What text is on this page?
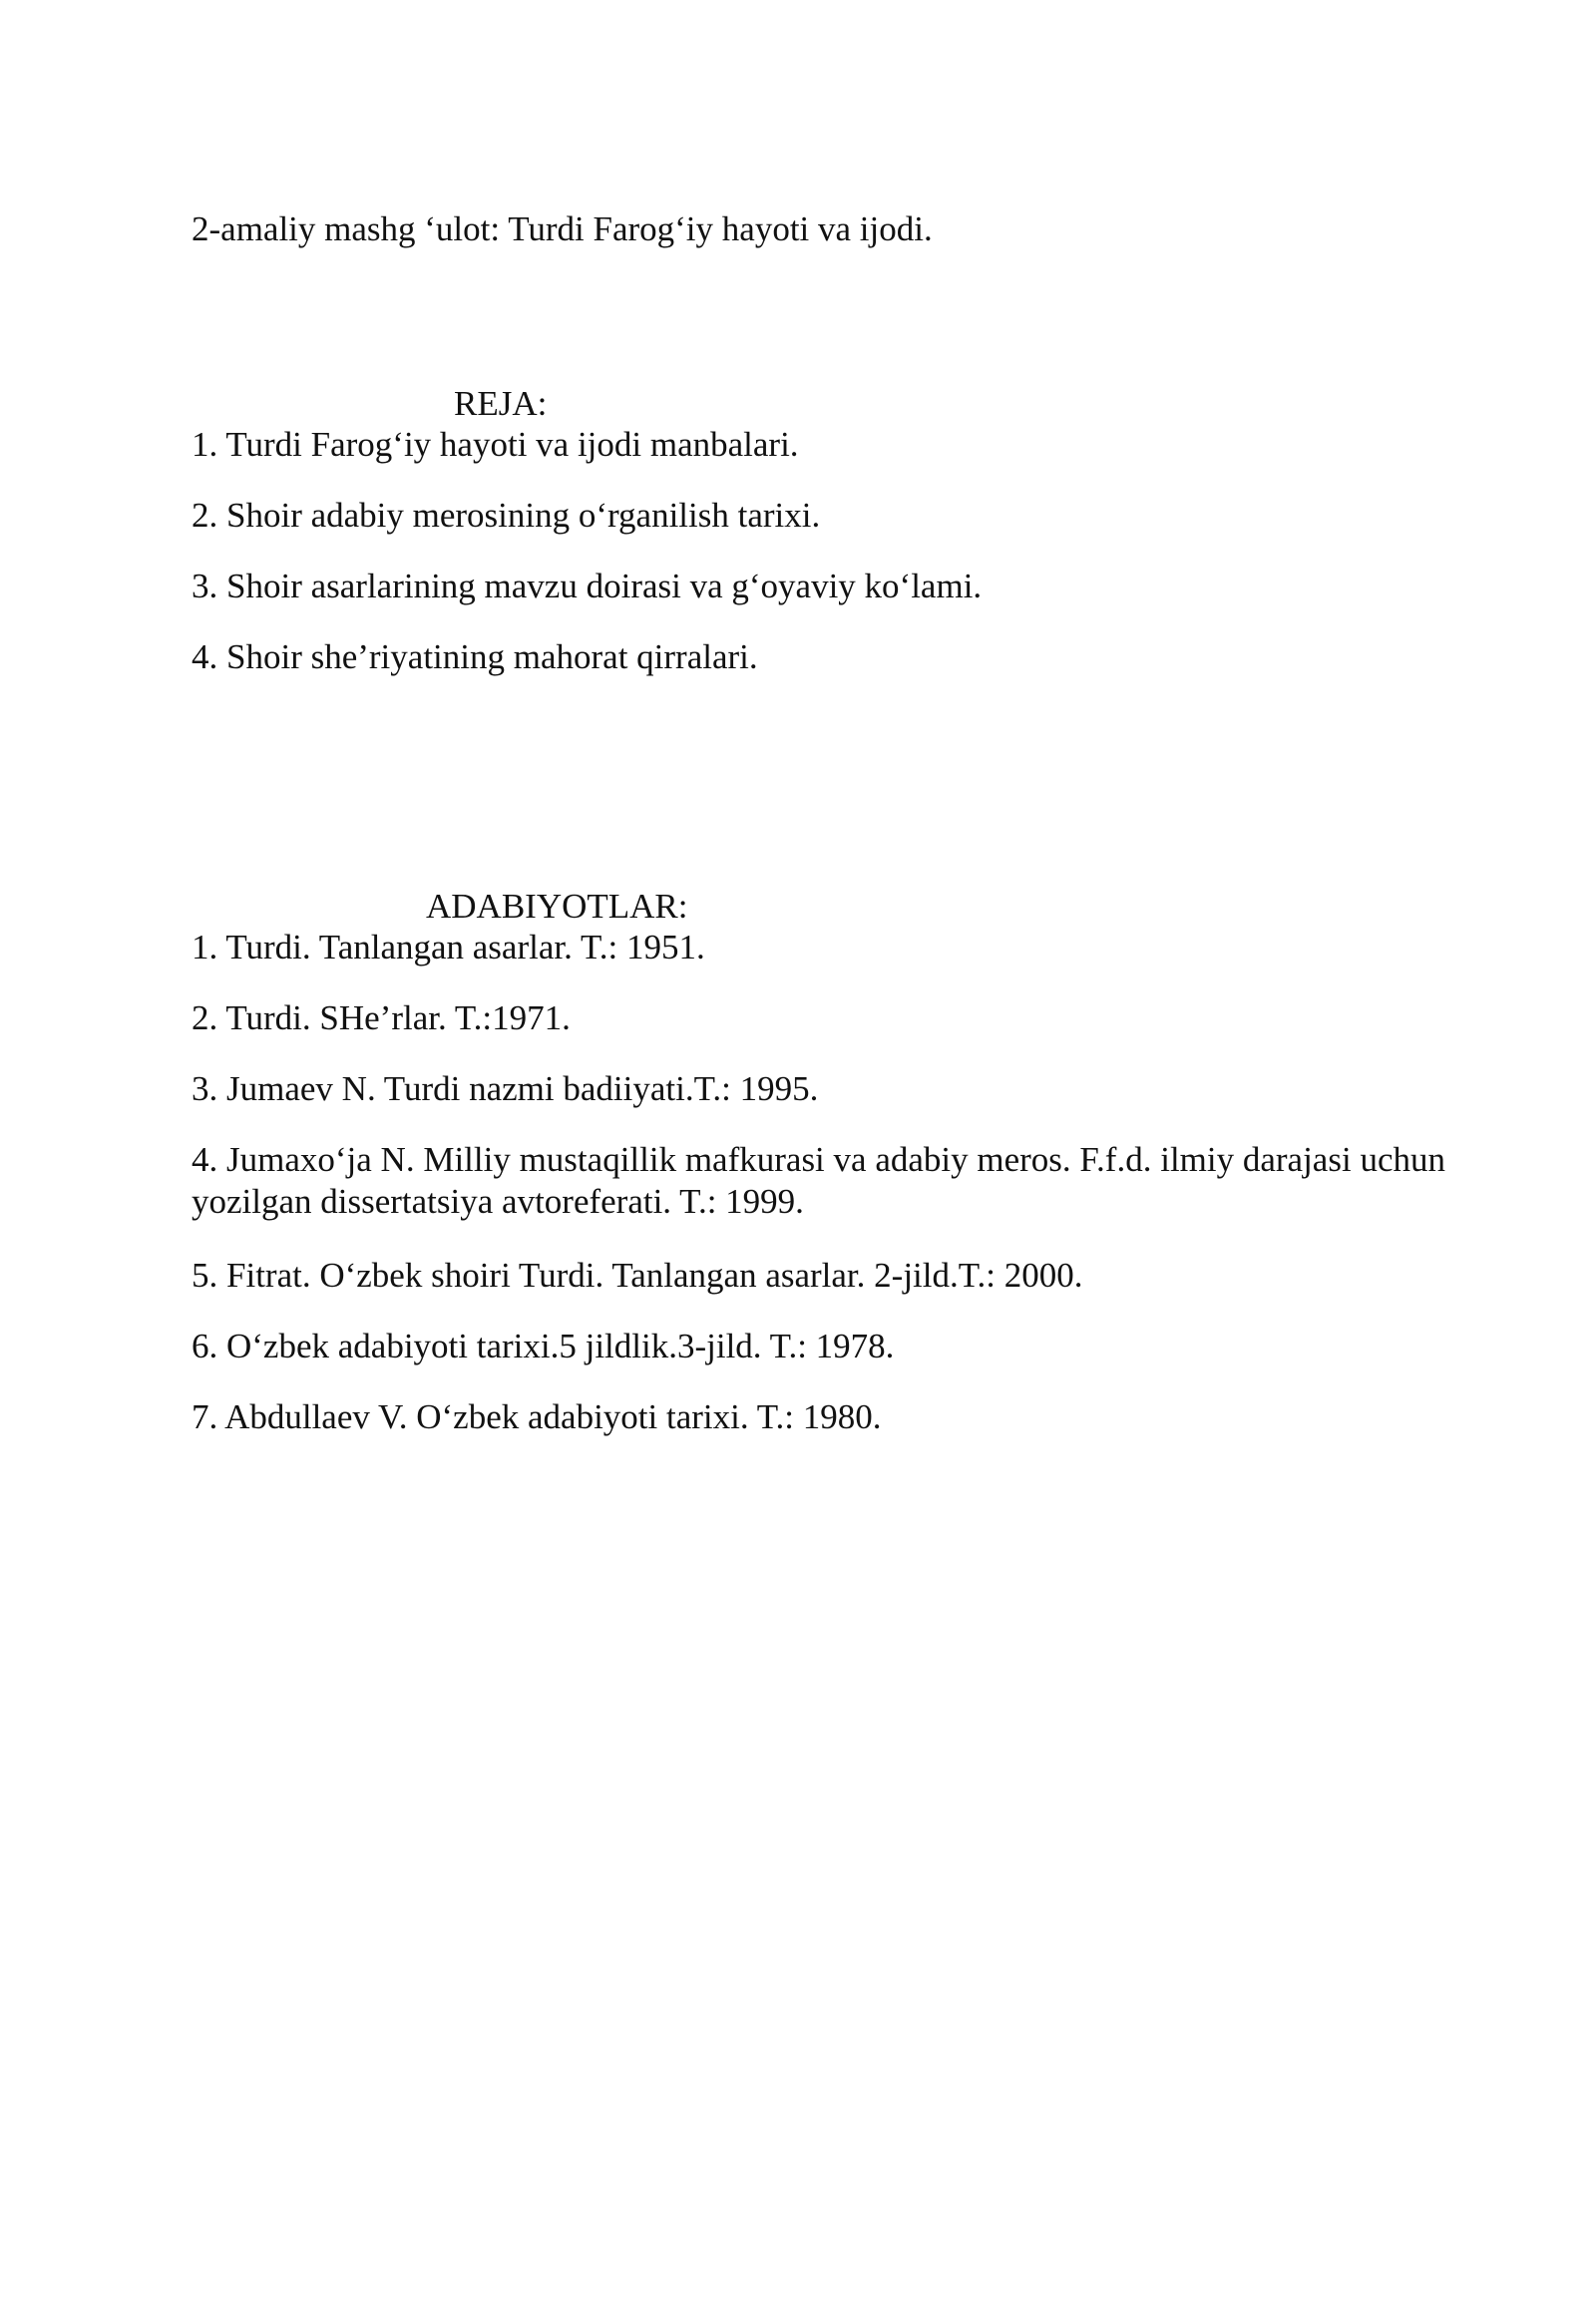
2-amaliy mashg ‘ulot: Turdi Farog‘iy hayoti va ijodi.
REJA:
1. Turdi Farog‘iy hayoti va ijodi manbalari.
2. Shoir adabiy merosining o‘rganilish tarixi.
3. Shoir asarlarining mavzu doirasi va g‘oyaviy ko‘lami.
4. Shoir she’riyatining mahorat qirralari.
ADABIYOTLAR:
1. Turdi. Tanlangan asarlar. T.: 1951.
2. Turdi. SHe’rlar. T.:1971.
3. Jumaev N. Turdi nazmi badiiyati.T.: 1995.
4. Jumaxo‘ja N. Milliy mustaqillik mafkurasi va adabiy meros. F.f.d. ilmiy darajasi uchun yozilgan dissertatsiya avtoreferati. T.: 1999.
5. Fitrat. O‘zbek shoiri Turdi. Tanlangan asarlar. 2-jild.T.: 2000.
6. O‘zbek adabiyoti tarixi.5 jildlik.3-jild. T.: 1978.
7. Abdullaev V. O‘zbek adabiyoti tarixi. T.: 1980.
